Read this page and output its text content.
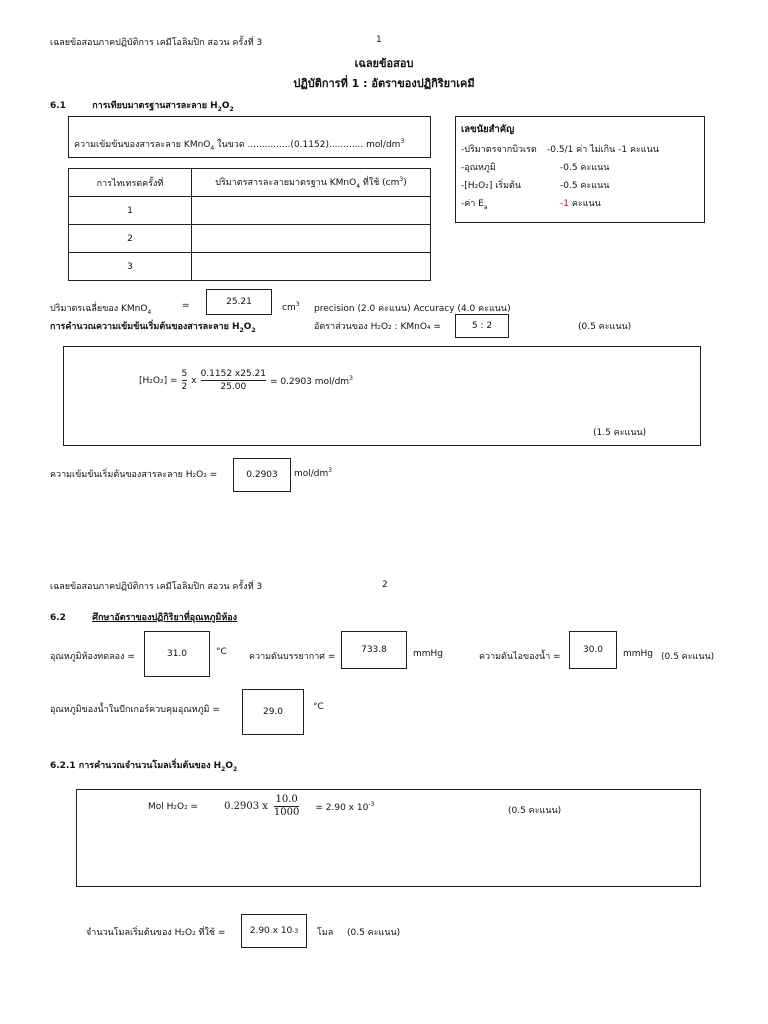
เฉลยข้อสอบภาคปฏิบัติการ เคมีโอลิมปิก สอวน ครั้งที่ 3	1
เฉลยข้อสอบ
ปฏิบัติการที่ 1 : อัตราของปฏิกิริยาเคมี
6.1	การเทียบมาตรฐานสารละลาย $H_2O_2$
ความเข้มข้นของสารละลาย KMnO$_4$ ในขวด ...............(0.1152)............ mol/$dm^3$
การไทเทรตครั้งที่	ปริมาตรสารละลายมาตรฐาน KMnO$_4$ ที่ใช้ $(cm^3)$
1	
2	
3	
เลขนัยสำคัญ
-ปริมาตรจากบิวเรต -0.5/1 ค่า ไม่เกิน -1 คะแนน
-อุณหภูมิ	-0.5 คะแนน
-[H₂O₂] เริ่มต้น	-0.5 คะแนน
-ค่า $E_a$	-1 คะแนน
ปริมาตรเฉลี่ยของ KMnO$_4$
=	25.21
$cm^3$ precision (2.0 คะแนน) Accuracy (4.0 คะแนน)
การคำนวณความเข้มข้นเริ่มต้นของสารละลาย $H_2O_2$	อัตราส่วนของ H₂O₂ : KMnO₄ =	5 : 2	(0.5 คะแนน)
$[H_2O_2] = \frac{5}{2}$ x $\frac{0.1152 x25.21}{25.00} = 0.2903$ mol/$dm^3$
(1.5 คะแนน)
ความเข้มข้นเริ่มต้นของสารละลาย H₂O₂ =	0.2903	mol/$dm^3$
เฉลยข้อสอบภาคปฏิบัติการ เคมีโอลิมปิก สอวน ครั้งที่ 3	2
6.2	ศึกษาอัตราของปฏิกิริยาที่อุณหภูมิห้อง
อุณหภูมิห้องทดลอง =	31.0	°C ความดันบรรยากาศ =
733.8	mmHg	ความดันไอของน้ำ =
30.0	mmHg (0.5 คะแนน)
อุณหภูมิของน้ำในบีกเกอร์ควบคุมอุณหภูมิ =	29.0	°C
6.2.1 การคำนวณจำนวนโมลเริ่มต้นของ $H_2O_2$
Mol H₂O₂ =	0.2903 x $\frac{10.0}{1000} = 2.90$ x $10^{-3}$
(0.5 คะแนน)
จำนวนโมลเริ่มต้นของ H₂O₂ ที่ใช้ =	2.90 x 10 -3 โมล (0.5 คะแนน)
